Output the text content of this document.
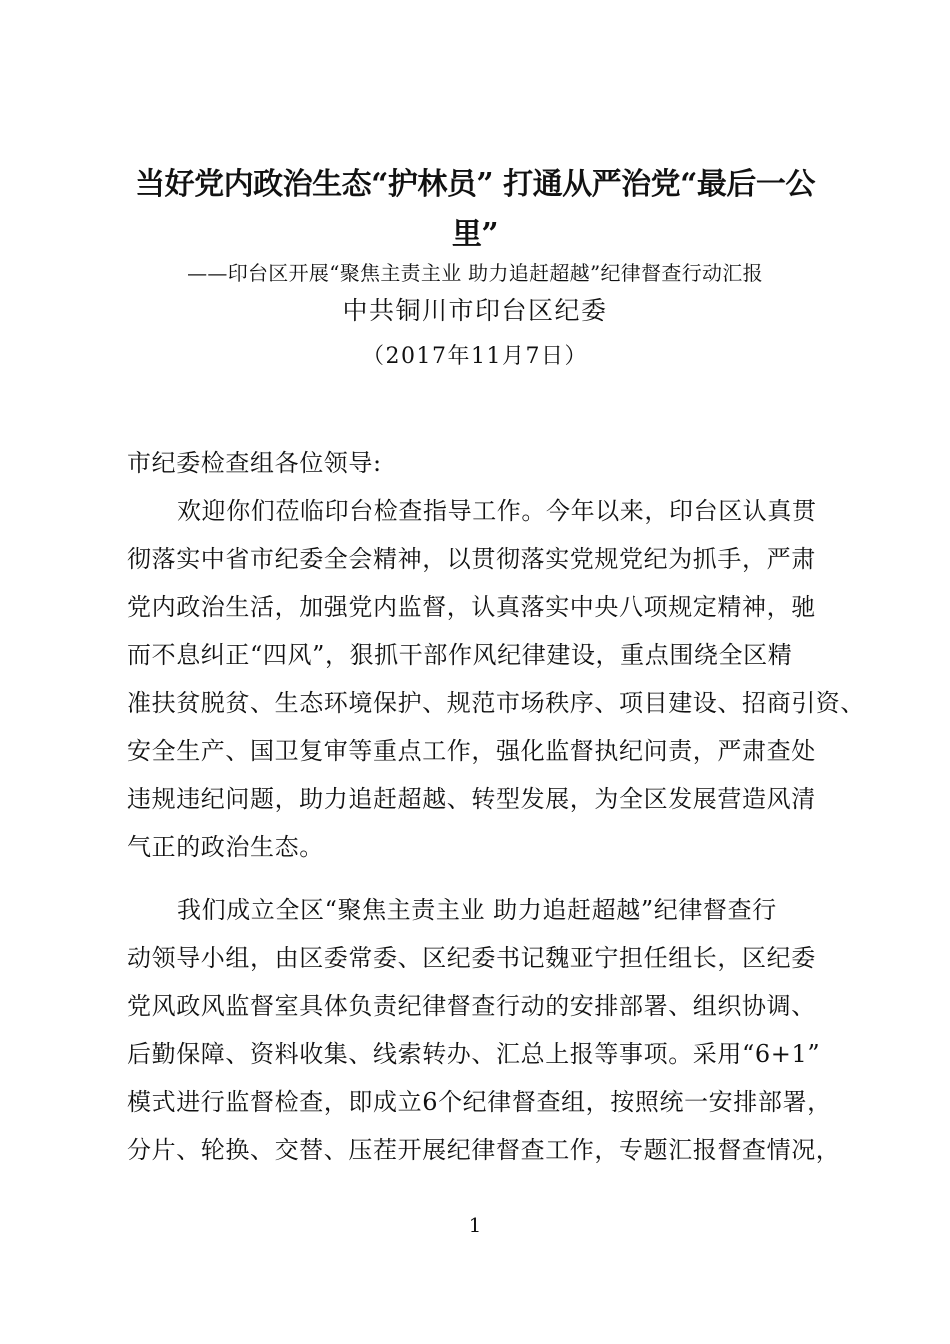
当好党内政治生态“护林员” 打通从严治党“最后一公
里”
——印台区开展“聚焦主责主业 助力追赶超越”纪律督查行动汇报
中共铜川市印台区纪委
（2017年11月7日）
市纪委检查组各位领导:
欢迎你们莅临印台检查指导工作。今年以来，印台区认真贯
彻落实中省市纪委全会精神，以贯彻落实党规党纪为抓手，严肃
党内政治生活，加强党内监督，认真落实中央八项规定精神，驰
而不息纠正“四风”，狠抓干部作风纪律建设，重点围绕全区精
准扶贫脱贫、生态环境保护、规范市场秩序、项目建设、招商引资、
安全生产、国卫复审等重点工作，强化监督执纪问责，严肃查处
违规违纪问题，助力追赶超越、转型发展，为全区发展营造风清
气正的政治生态。
我们成立全区“聚焦主责主业 助力追赶超越”纪律督查行
动领导小组，由区委常委、区纪委书记魏亚宁担任组长，区纪委
党风政风监督室具体负责纪律督查行动的安排部署、组织协调、
后勤保障、资料收集、线索转办、汇总上报等事项。采用“6+1”
模式进行监督检查，即成立6个纪律督查组，按照统一安排部署，
分片、轮换、交替、压茬开展纪律督查工作，专题汇报督查情况，
1
